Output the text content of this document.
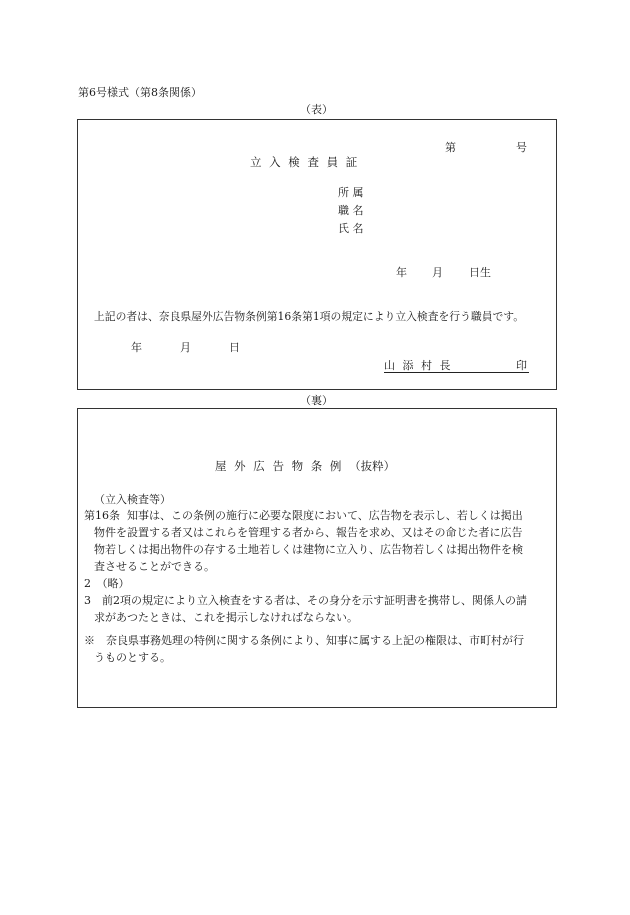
第6号様式（第8条関係）
（表）
第	号
立 入 検 査 員 証
所 属
職 名
氏 名
年 月 日生
上記の者は、奈良県屋外広告物条例第16条第1項の規定により立入検査を行う職員です。
年	月	日
山 添 村 長	印
（裏）
屋 外 広 告 物 条 例 （抜粋）
（立入検査等）
第16条
　知事は、この条例の施行に必要な限度において、広告物を表示し、若しくは掲出
物件を設置する者又はこれらを管理する者から、報告を求め、又はその命じた者に広告
物若しくは掲出物件の存する土地若しくは建物に立入り、広告物若しくは掲出物件を検
査させることができる。
2　（略）
3　前2項の規定により立入検査をする者は、その身分を示す証明書を携帯し、関係人の請
求があつたときは、これを掲示しなければならない。
※　奈良県事務処理の特例に関する条例により、知事に属する上記の権限は、市町村が行
うものとする。
